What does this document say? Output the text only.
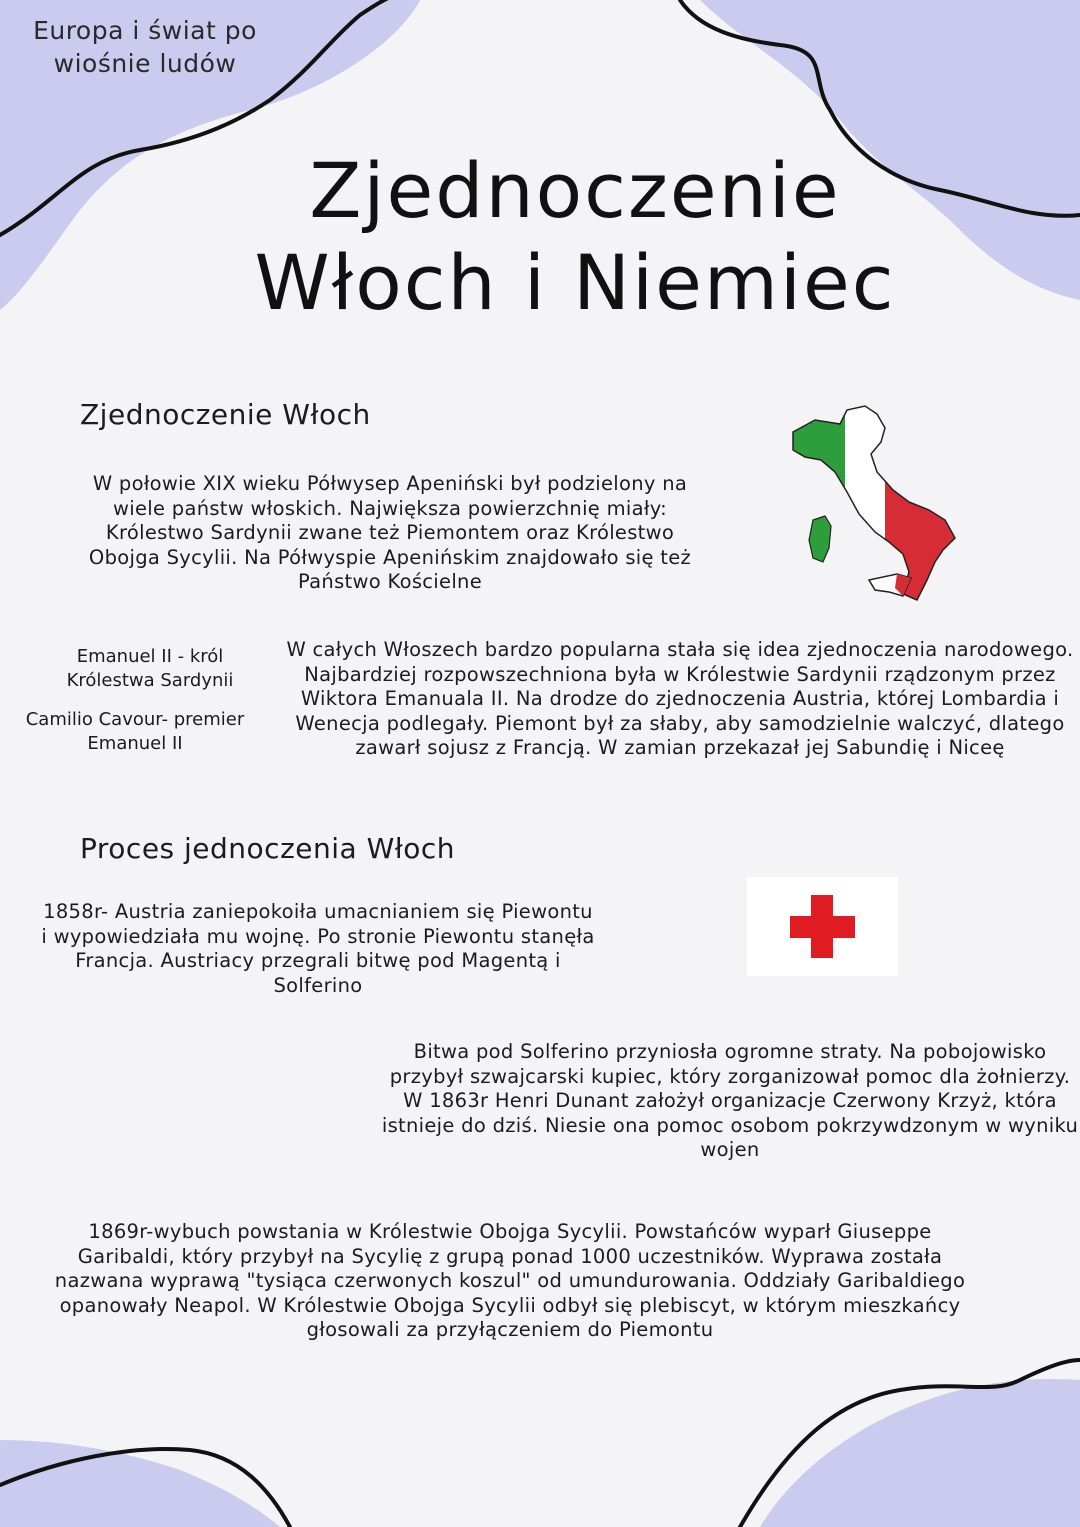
Europa i świat po wiośnie ludów
Zjednoczenie
Włoch i Niemiec
Zjednoczenie Włoch
W połowie XIX wieku Półwysep Apeniński był podzielony na wiele państw włoskich. Największa powierzchnię miały: Królestwo Sardynii zwane też Piemontem oraz Królestwo Obojga Sycylii. Na Półwyspie Apenińskim znajdowało się też Państwo Kościelne
Emanuel II - król Królestwa Sardynii
Camilio Cavour- premier Emanuel II
W całych Włoszech bardzo popularna stała się idea zjednoczenia narodowego. Najbardziej rozpowszechniona była w Królestwie Sardynii rządzonym przez Wiktora Emanuala II. Na drodze do zjednoczenia Austria, której Lombardia i Wenecja podlegały. Piemont był za słaby, aby samodzielnie walczyć, dlatego zawarł sojusz z Francją. W zamian przekazał jej Sabundię i Niceę
Proces jednoczenia Włoch
1858r- Austria zaniepokoiła umacnianiem się Piewontu i wypowiedziała mu wojnę. Po stronie Piewontu stanęła Francja. Austriacy przegrali bitwę pod Magentą i Solferino
Bitwa pod Solferino przyniosła ogromne straty. Na pobojowisko przybył szwajcarski kupiec, który zorganizował pomoc dla żołnierzy. W 1863r Henri Dunant założył organizacje Czerwony Krzyż, która istnieje do dziś. Niesie ona pomoc osobom pokrzywdzonym w wyniku wojen
1869r-wybuch powstania w Królestwie Obojga Sycylii. Powstańców wyparł Giuseppe Garibaldi, który przybył na Sycylię z grupą ponad 1000 uczestników. Wyprawa została nazwana wyprawą "tysiąca czerwonych koszul" od umundurowania. Oddziały Garibaldiego opanowały Neapol. W Królestwie Obojga Sycylii odbył się plebiscyt, w którym mieszkańcy głosowali za przyłączeniem do Piemontu
